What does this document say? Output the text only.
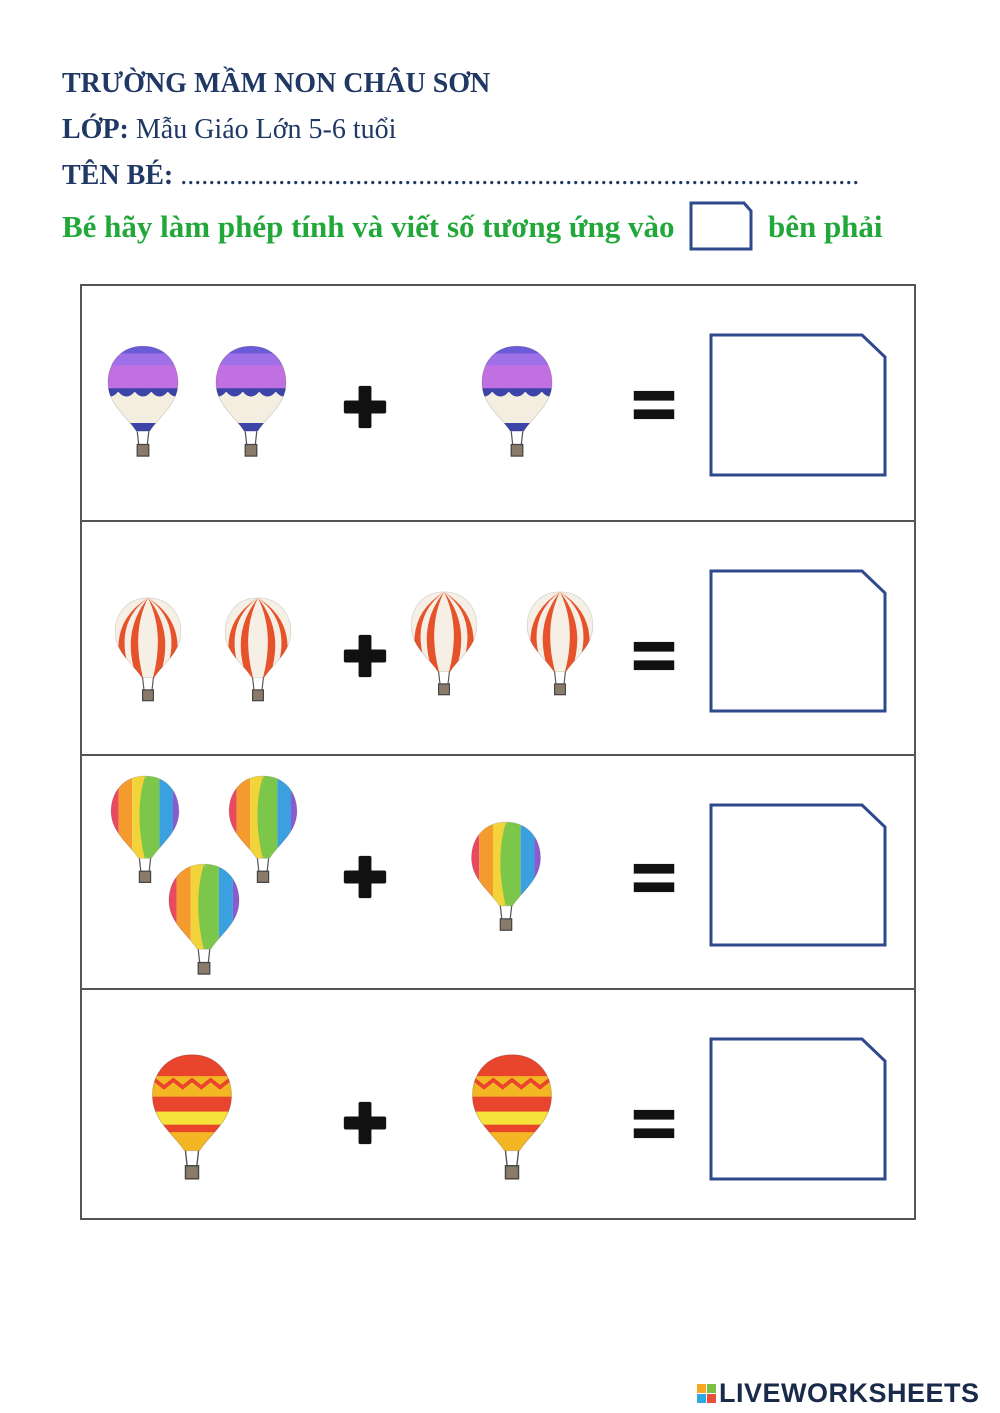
TRƯỜNG MẦM NON CHÂU SƠN
LỚP: Mẫu Giáo Lớn 5-6 tuổi
TÊN BÉ: .................................................................................................
Bé hãy làm phép tính và viết số tương ứng vào	bên phải
LIVEWORKSHEETS
